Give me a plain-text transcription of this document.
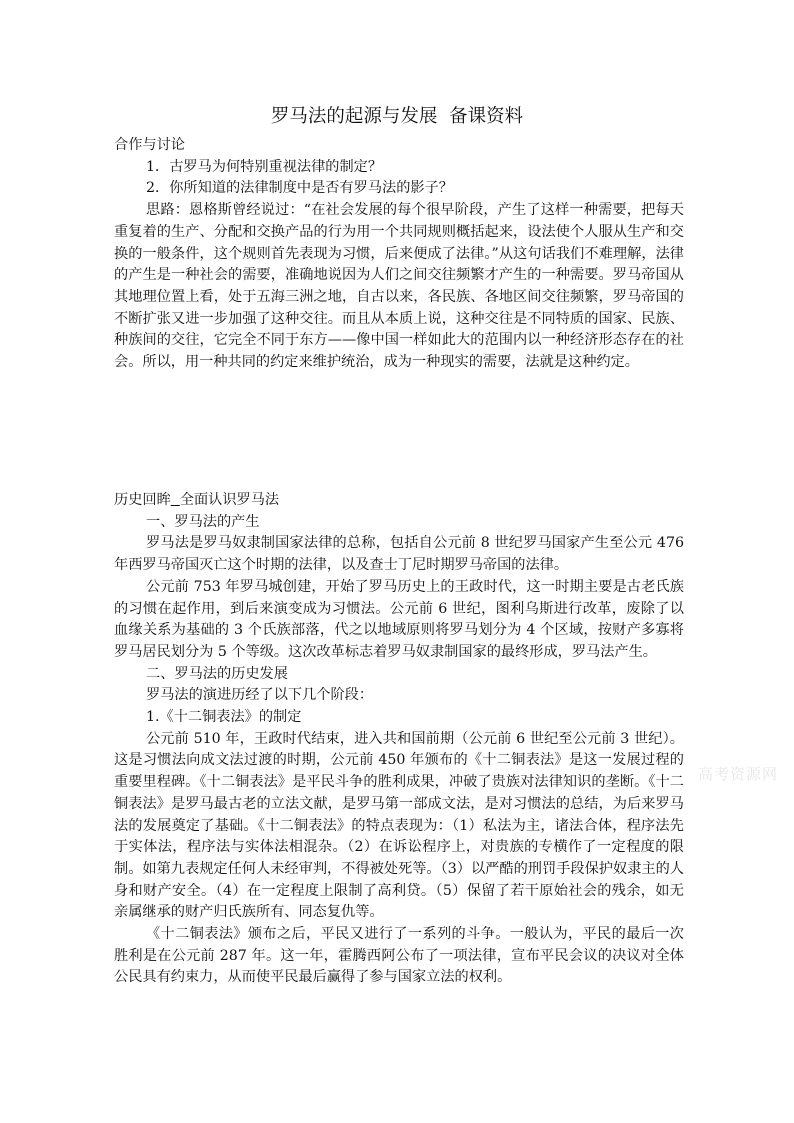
罗马法的起源与发展  备课资料

合作与讨论

1．古罗马为何特别重视法律的制定？

2．你所知道的法律制度中是否有罗马法的影子？

思路：恩格斯曾经说过：“在社会发展的每个很早阶段，产生了这样一种需要，把每天重复着的生产、分配和交换产品的行为用一个共同规则概括起来，设法使个人服从生产和交换的一般条件，这个规则首先表现为习惯，后来便成了法律。”从这句话我们不难理解，法律的产生是一种社会的需要，准确地说因为人们之间交往频繁才产生的一种需要。罗马帝国从其地理位置上看，处于五海三洲之地，自古以来，各民族、各地区间交往频繁，罗马帝国的不断扩张又进一步加强了这种交往。而且从本质上说，这种交往是不同特质的国家、民族、种族间的交往，它完全不同于东方——像中国一样如此大的范围内以一种经济形态存在的社会。所以，用一种共同的约定来维护统治，成为一种现实的需要，法就是这种约定。

历史回眸 全面认识罗马法

一、罗马法的产生

罗马法是罗马奴隶制国家法律的总称，包括自公元前 8 世纪罗马国家产生至公元 476 年西罗马帝国灭亡这个时期的法律，以及查士丁尼时期罗马帝国的法律。

公元前 753 年罗马城创建，开始了罗马历史上的王政时代，这一时期主要是古老氏族的习惯在起作用，到后来演变成为习惯法。公元前 6 世纪，图利乌斯进行改革，废除了以血缘关系为基础的 3 个氏族部落，代之以地域原则将罗马划分为 4 个区域，按财产多寡将罗马居民划分为 5 个等级。这次改革标志着罗马奴隶制国家的最终形成，罗马法产生。

二、罗马法的历史发展

罗马法的演进历经了以下几个阶段：

1.《十二铜表法》的制定

公元前 510 年，王政时代结束，进入共和国前期（公元前 6 世纪至公元前 3 世纪）。这是习惯法向成文法过渡的时期，公元前 450 年颁布的《十二铜表法》是这一发展过程的重要里程碑。《十二铜表法》是平民斗争的胜利成果，冲破了贵族对法律知识的垄断。《十二铜表法》是罗马最古老的立法文献，是罗马第一部成文法，是对习惯法的总结，为后来罗马法的发展奠定了基础。《十二铜表法》的特点表现为：（1）私法为主，诸法合体，程序法先于实体法，程序法与实体法相混杂。（2）在诉讼程序上，对贵族的专横作了一定程度的限制。如第九表规定任何人未经审判，不得被处死等。（3）以严酷的刑罚手段保护奴隶主的人身和财产安全。（4）在一定程度上限制了高利贷。（5）保留了若干原始社会的残余，如无亲属继承的财产归氏族所有、同态复仇等。

《十二铜表法》颁布之后，平民又进行了一系列的斗争。一般认为，平民的最后一次胜利是在公元前 287 年。这一年，霍腾西阿公布了一项法律，宣布平民会议的决议对全体公民具有约束力，从而使平民最后赢得了参与国家立法的权利。

高考资源网
